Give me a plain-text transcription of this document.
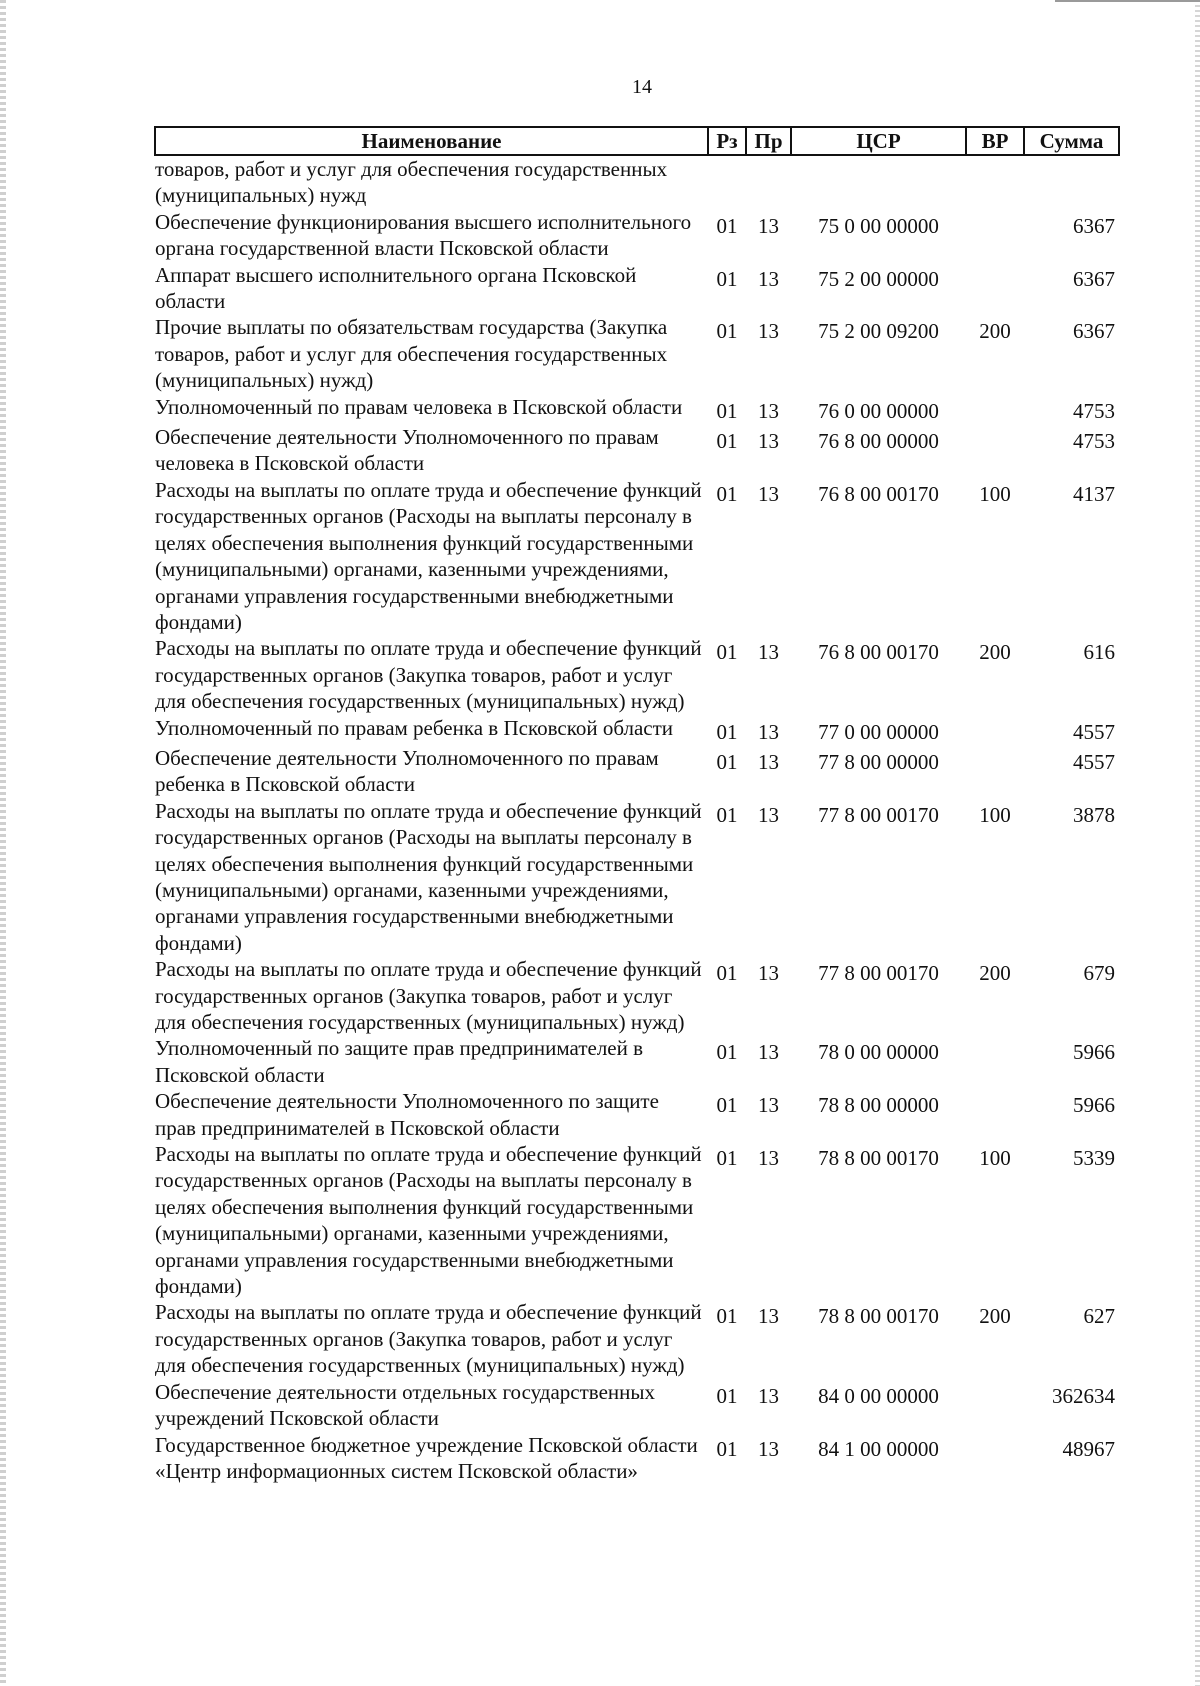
14
Наименование	Рз	Пр	ЦСР	ВР	Сумма
товаров, работ и услуг для обеспечения государственных (муниципальных) нужд					
Обеспечение функционирования высшего исполнительного органа государственной власти Псковской области	01	13	75 0 00 00000		6367
Аппарат высшего исполнительного органа Псковской области	01	13	75 2 00 00000		6367
Прочие выплаты по обязательствам государства (Закупка товаров, работ и услуг для обеспечения государственных (муниципальных) нужд)	01	13	75 2 00 09200	200	6367
Уполномоченный по правам человека в Псковской области	01	13	76 0 00 00000		4753
Обеспечение деятельности Уполномоченного по правам человека в Псковской области	01	13	76 8 00 00000		4753
Расходы на выплаты по оплате труда и обеспечение функций государственных органов (Расходы на выплаты персоналу в целях обеспечения выполнения функций государственными (муниципальными) органами, казенными учреждениями, органами управления государственными внебюджетными фондами)	01	13	76 8 00 00170	100	4137
Расходы на выплаты по оплате труда и обеспечение функций государственных органов (Закупка товаров, работ и услуг для обеспечения государственных (муниципальных) нужд)	01	13	76 8 00 00170	200	616
Уполномоченный по правам ребенка в Псковской области	01	13	77 0 00 00000		4557
Обеспечение деятельности Уполномоченного по правам ребенка в Псковской области	01	13	77 8 00 00000		4557
Расходы на выплаты по оплате труда и обеспечение функций государственных органов (Расходы на выплаты персоналу в целях обеспечения выполнения функций государственными (муниципальными) органами, казенными учреждениями, органами управления государственными внебюджетными фондами)	01	13	77 8 00 00170	100	3878
Расходы на выплаты по оплате труда и обеспечение функций государственных органов (Закупка товаров, работ и услуг для обеспечения государственных (муниципальных) нужд)	01	13	77 8 00 00170	200	679
Уполномоченный по защите прав предпринимателей в Псковской области	01	13	78 0 00 00000		5966
Обеспечение деятельности Уполномоченного по защите прав предпринимателей в Псковской области	01	13	78 8 00 00000		5966
Расходы на выплаты по оплате труда и обеспечение функций государственных органов (Расходы на выплаты персоналу в целях обеспечения выполнения функций государственными (муниципальными) органами, казенными учреждениями, органами управления государственными внебюджетными фондами)	01	13	78 8 00 00170	100	5339
Расходы на выплаты по оплате труда и обеспечение функций государственных органов (Закупка товаров, работ и услуг для обеспечения государственных (муниципальных) нужд)	01	13	78 8 00 00170	200	627
Обеспечение деятельности отдельных государственных учреждений Псковской области	01	13	84 0 00 00000		362634
Государственное бюджетное учреждение Псковской области «Центр информационных систем Псковской области»	01	13	84 1 00 00000		48967
